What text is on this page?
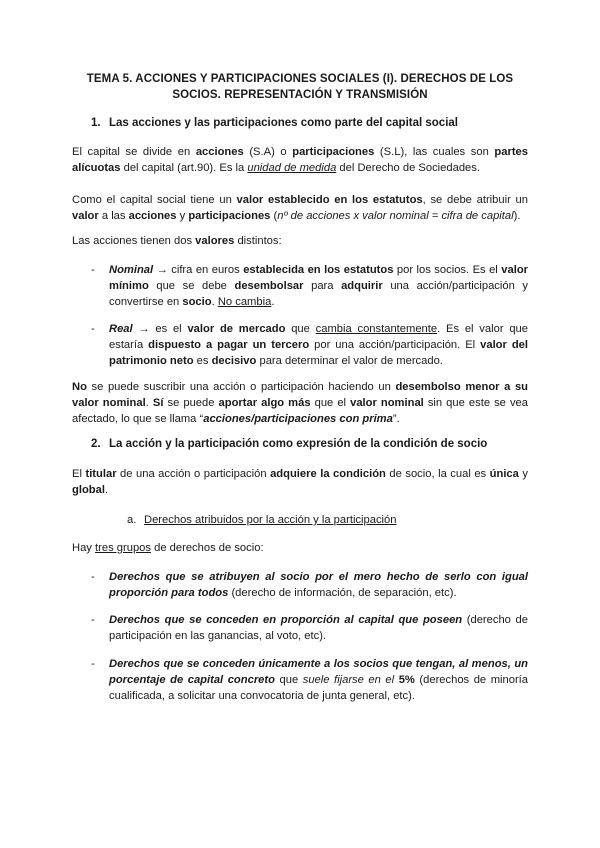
TEMA 5. ACCIONES Y PARTICIPACIONES SOCIALES (I). DERECHOS DE LOS SOCIOS. REPRESENTACIÓN Y TRANSMISIÓN
1. Las acciones y las participaciones como parte del capital social
El capital se divide en acciones (S.A) o participaciones (S.L), las cuales son partes alícuotas del capital (art.90). Es la unidad de medida del Derecho de Sociedades.
Como el capital social tiene un valor establecido en los estatutos, se debe atribuir un valor a las acciones y participaciones (nº de acciones x valor nominal = cifra de capital).
Las acciones tienen dos valores distintos:
- Nominal → cifra en euros establecida en los estatutos por los socios. Es el valor mínimo que se debe desembolsar para adquirir una acción/participación y convertirse en socio. No cambia.
- Real → es el valor de mercado que cambia constantemente. Es el valor que estaría dispuesto a pagar un tercero por una acción/participación. El valor del patrimonio neto es decisivo para determinar el valor de mercado.
No se puede suscribir una acción o participación haciendo un desembolso menor a su valor nominal. Sí se puede aportar algo más que el valor nominal sin que este se vea afectado, lo que se llama “acciones/participaciones con prima”.
2. La acción y la participación como expresión de la condición de socio
El titular de una acción o participación adquiere la condición de socio, la cual es única y global.
a. Derechos atribuidos por la acción y la participación
Hay tres grupos de derechos de socio:
- Derechos que se atribuyen al socio por el mero hecho de serlo con igual proporción para todos (derecho de información, de separación, etc).
- Derechos que se conceden en proporción al capital que poseen (derecho de participación en las ganancias, al voto, etc).
- Derechos que se conceden únicamente a los socios que tengan, al menos, un porcentaje de capital concreto que suele fijarse en el 5% (derechos de minoría cualificada, a solicitar una convocatoria de junta general, etc).
